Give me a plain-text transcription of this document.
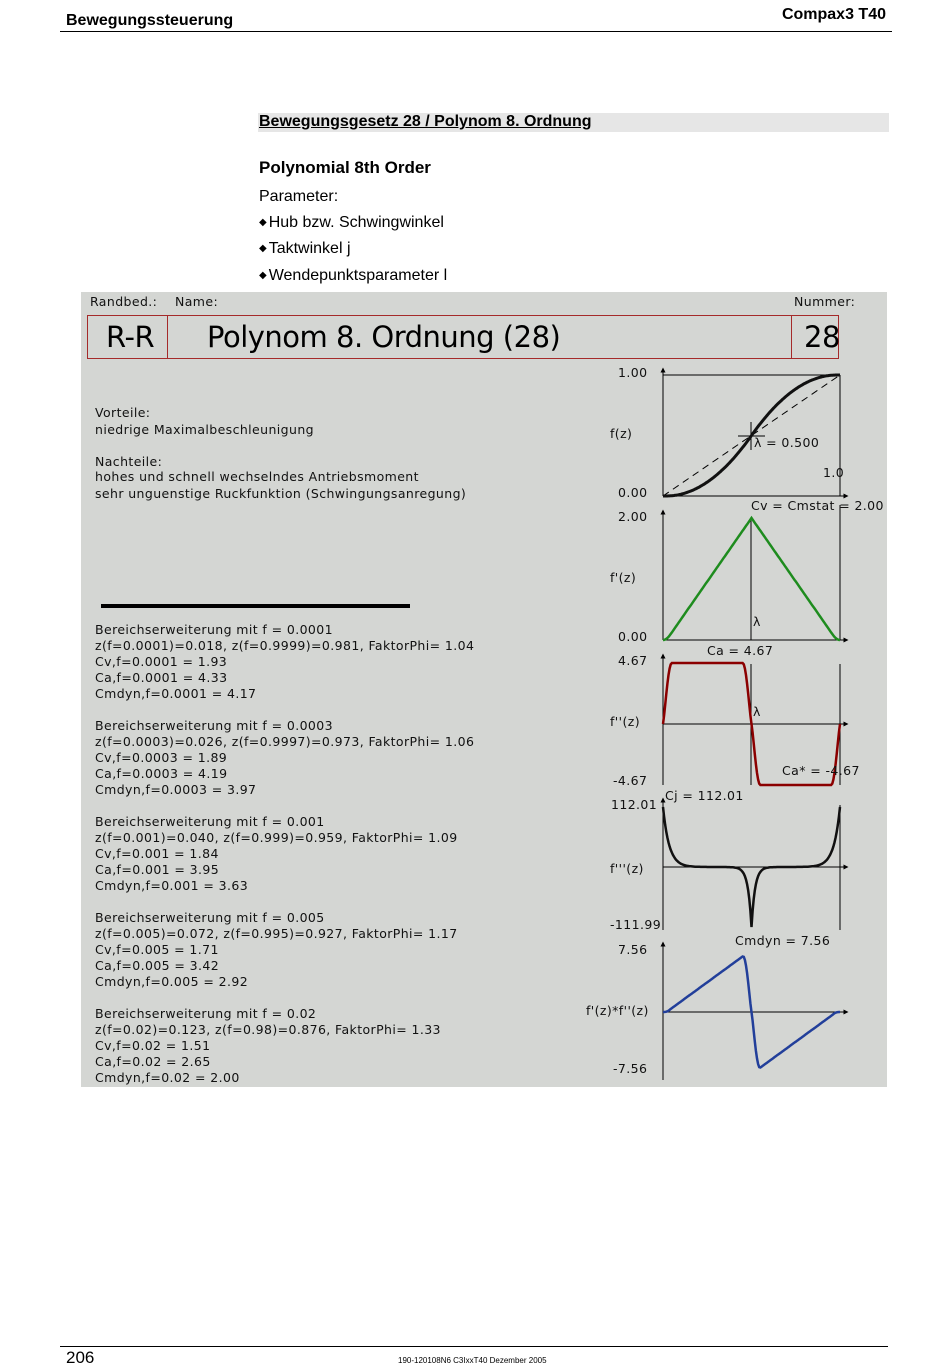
Bewegungssteuerung	Compax3 T40
Bewegungsgesetz 28 / Polynom 8. Ordnung
Polynomial 8th Order
Parameter:
◆ Hub bzw. Schwingwinkel
◆ Taktwinkel j
◆ Wendepunktsparameter l
Randbed.: Name:	Nummer:
R-R Polynom 8. Ordnung (28)	28
Vorteile:
niedrige Maximalbeschleunigung
Nachteile:
hohes und schnell wechselndes Antriebsmoment
sehr unguenstige Ruckfunktion (Schwingungsanregung)
Bereichserweiterung mit f = 0.0001
z(f=0.0001)=0.018, z(f=0.9999)=0.981, FaktorPhi= 1.04
Cv,f=0.0001 = 1.93
Ca,f=0.0001 = 4.33
Cmdyn,f=0.0001 = 4.17
Bereichserweiterung mit f = 0.0003
z(f=0.0003)=0.026, z(f=0.9997)=0.973, FaktorPhi= 1.06
Cv,f=0.0003 = 1.89
Ca,f=0.0003 = 4.19
Cmdyn,f=0.0003 = 3.97
Bereichserweiterung mit f = 0.001
z(f=0.001)=0.040, z(f=0.999)=0.959, FaktorPhi= 1.09
Cv,f=0.001 = 1.84
Ca,f=0.001 = 3.95
Cmdyn,f=0.001 = 3.63
Bereichserweiterung mit f = 0.005
z(f=0.005)=0.072, z(f=0.995)=0.927, FaktorPhi= 1.17
Cv,f=0.005 = 1.71
Ca,f=0.005 = 3.42
Cmdyn,f=0.005 = 2.92
Bereichserweiterung mit f = 0.02
z(f=0.02)=0.123, z(f=0.98)=0.876, FaktorPhi= 1.33
Cv,f=0.02 = 1.51
Ca,f=0.02 = 2.65
Cmdyn,f=0.02 = 2.00
1.00
0.00
f(z)
1.0
λ = 0.500
2.00
0.00
f'(z)
Cv = Cmstat = 2.00
λ
4.67
-4.67
f''(z)
Ca = 4.67
Ca* = -4.67
λ
112.01
-111.99
f'''(z)
Cj = 112.01
7.56
-7.56
f'(z)*f''(z)
Cmdyn = 7.56
206	190-120108N6 C3IxxT40 Dezember 2005
